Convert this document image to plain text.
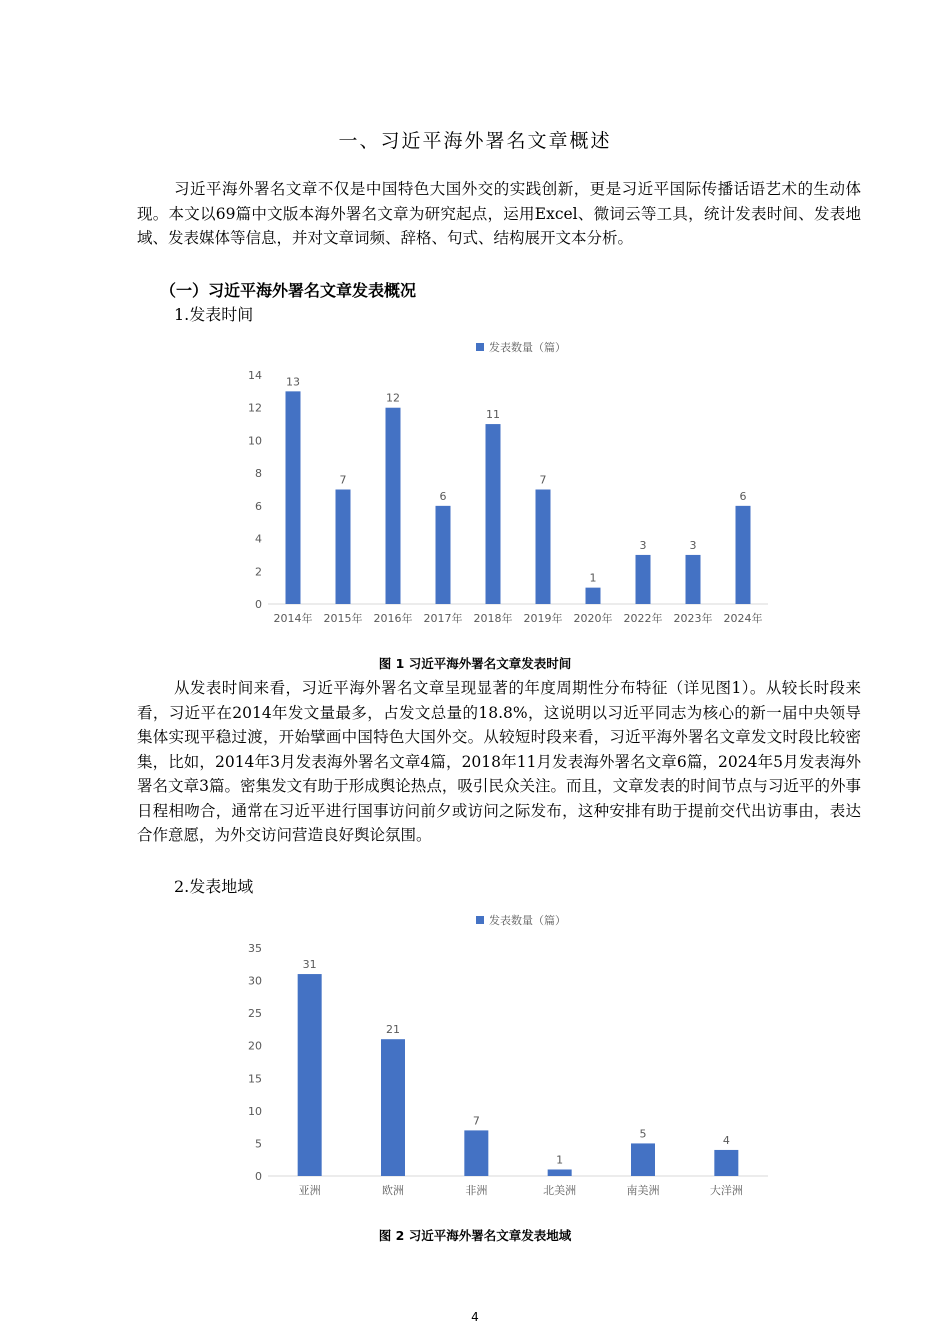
一、习近平海外署名文章概述

习近平海外署名文章不仅是中国特色大国外交的实践创新，更是习近平国际传播话语艺术的生动体现。本文以69篇中文版本海外署名文章为研究起点，运用Excel、微词云等工具，统计发表时间、发表地域、发表媒体等信息，并对文章词频、辞格、句式、结构展开文本分析。

（一）习近平海外署名文章发表概况
1.发表时间
发表数量（篇）
0
2
4
6
8
10
12
14 13
2014年
7
2015年
12
2016年
6
2017年
11
2018年
7
2019年
1
2020年
3
2022年
3
2023年
6
2024年
图 1 习近平海外署名文章发表时间

从发表时间来看，习近平海外署名文章呈现显著的年度周期性分布特征（详见图1）。从较长时段来看，习近平在2014年发文量最多，占发文总量的18.8%，这说明以习近平同志为核心的新一届中央领导集体实现平稳过渡，开始擘画中国特色大国外交。从较短时段来看，习近平海外署名文章发文时段比较密集，比如，2014年3月发表海外署名文章4篇，2018年11月发表海外署名文章6篇，2024年5月发表海外署名文章3篇。密集发文有助于形成舆论热点，吸引民众关注。而且，文章发表的时间节点与习近平的外事日程相吻合，通常在习近平进行国事访问前夕或访问之际发布，这种安排有助于提前交代出访事由，表达合作意愿，为外交访问营造良好舆论氛围。

2.发表地域
发表数量（篇）
0
5
10
15
20
25
30
35
31
亚洲
21
欧洲
7
非洲
1
北美洲
5
南美洲
4
大洋洲
图 2 习近平海外署名文章发表地域
4
